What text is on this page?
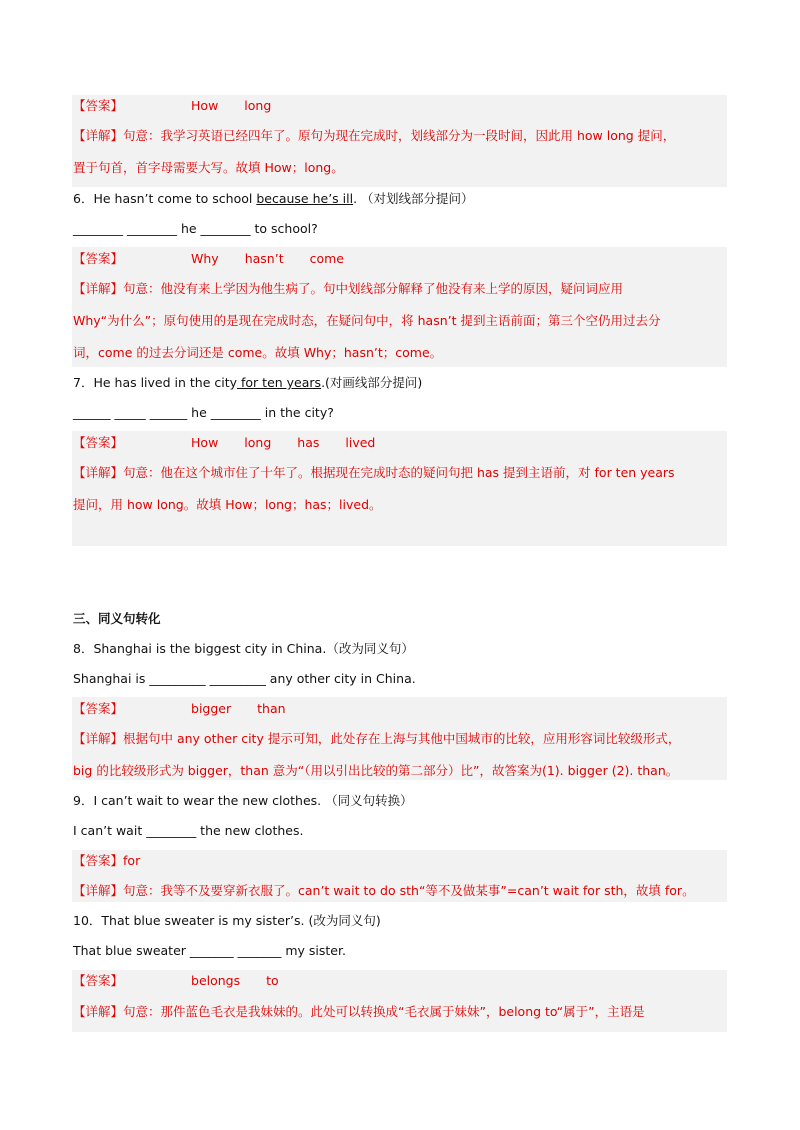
【答案】	How long
【详解】句意：我学习英语已经四年了。原句为现在完成时，划线部分为一段时间，因此用 how long 提问，
置于句首，首字母需要大写。故填 How；long。
6．He hasn’t come to school because he’s ill. （对划线部分提问）
________ ________ he ________ to school?
【答案】	Why hasn’t come
【详解】句意：他没有来上学因为他生病了。句中划线部分解释了他没有来上学的原因，疑问词应用
Why“为什么”；原句使用的是现在完成时态，在疑问句中，将 hasn’t 提到主语前面；第三个空仍用过去分
词，come 的过去分词还是 come。故填 Why；hasn’t；come。
7．He has lived in the city for ten years.(对画线部分提问)
______ _____ ______ he ________ in the city?
【答案】	How long has lived
【详解】句意：他在这个城市住了十年了。根据现在完成时态的疑问句把 has 提到主语前，对 for ten years
提问，用 how long。故填 How；long；has；lived。
三、同义句转化
8．Shanghai is the biggest city in China.（改为同义句）
Shanghai is _________ _________ any other city in China.
【答案】	bigger than
【详解】根据句中 any other city 提示可知，此处存在上海与其他中国城市的比较，应用形容词比较级形式，
big 的比较级形式为 bigger，than 意为“（用以引出比较的第二部分）比”，故答案为(1). bigger (2). than。
9．I can’t wait to wear the new clothes. （同义句转换）
I can’t wait ________ the new clothes.
【答案】for
【详解】句意：我等不及要穿新衣服了。can’t wait to do sth“等不及做某事”=can’t wait for sth，故填 for。
10．That blue sweater is my sister’s. (改为同义句)
That blue sweater _______ _______ my sister.
【答案】	belongs to
【详解】句意：那件蓝色毛衣是我妹妹的。此处可以转换成“毛衣属于妹妹”，belong to“属于”，主语是
